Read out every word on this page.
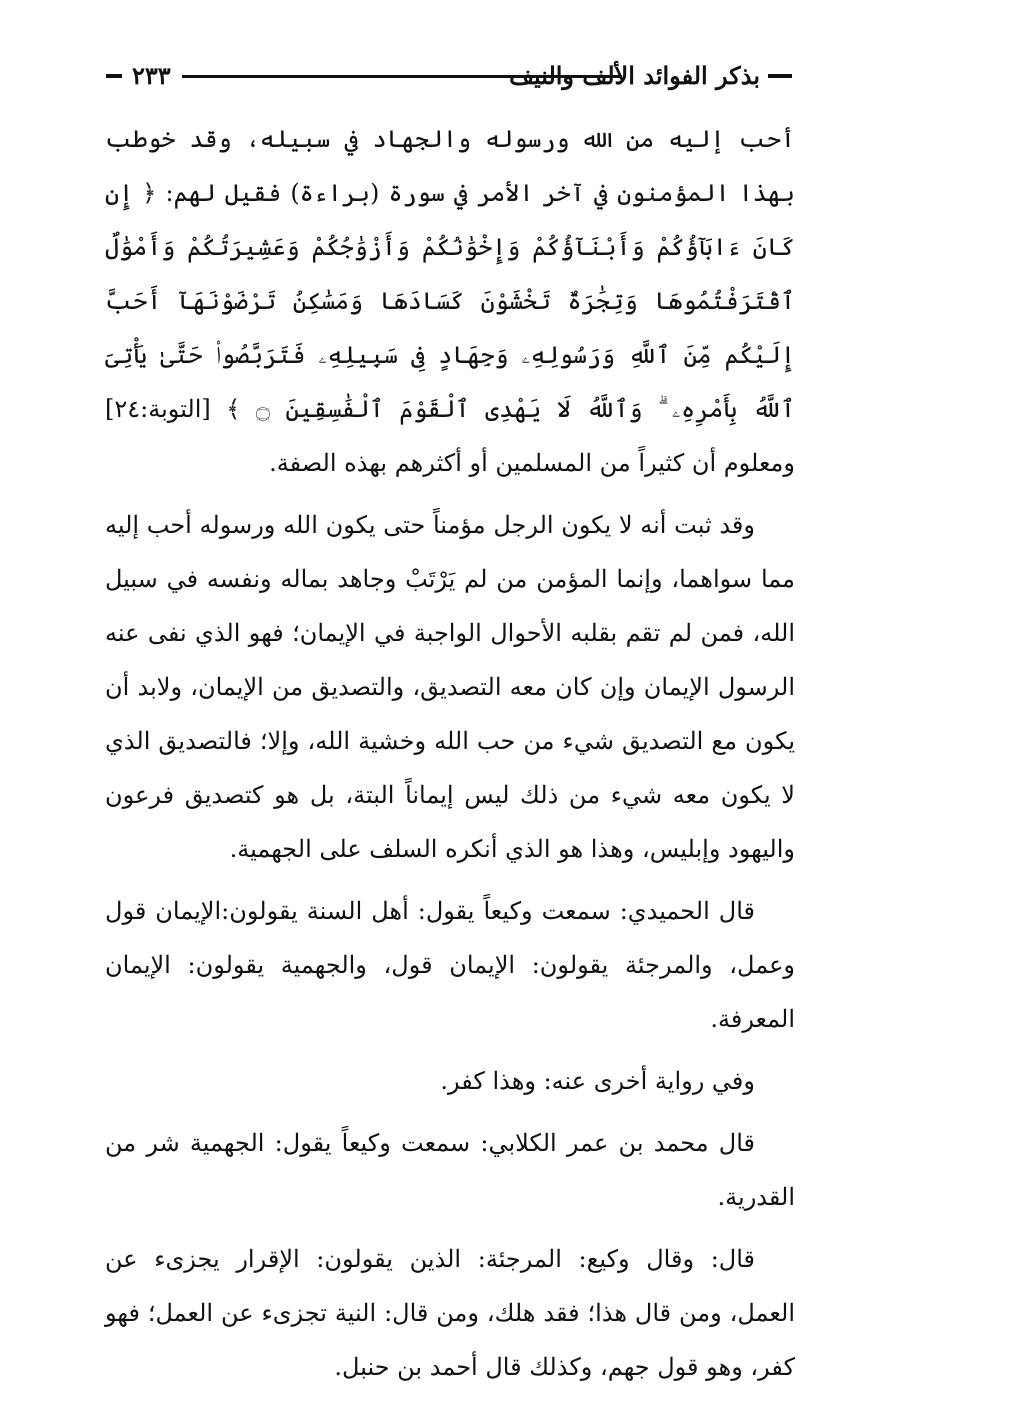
٢٣٣	بذكر الفوائد الألف والنيف

أحب إليه من الله ورسوله والجهاد في سبيله، وقد خوطب بهذا المؤمنون في آخر الأمر في سورة (براءة) فقيل لهم: ﴿ إِن كَانَ ءَابَآؤُكُمْ وَأَبْنَآؤُكُمْ وَإِخْوَٰنُكُمْ وَأَزْوَٰجُكُمْ وَعَشِيرَتُكُمْ وَأَمْوَٰلٌ ٱقْتَرَفْتُمُوهَا وَتِجَٰرَةٌ تَخْشَوْنَ كَسَادَهَا وَمَسَٰكِنُ تَرْضَوْنَهَآ أَحَبَّ إِلَيْكُم مِّنَ ٱللَّهِ وَرَسُولِهِۦ وَجِهَادٍ فِى سَبِيلِهِۦ فَتَرَبَّصُوا۟ حَتَّىٰ يَأْتِىَ ٱللَّهُ بِأَمْرِهِۦ ۗ وَٱللَّهُ لَا يَهْدِى ٱلْقَوْمَ ٱلْفَٰسِقِينَ ۝ ﴾ [التوبة:٢٤] ومعلوم أن كثيراً من المسلمين أو أكثرهم بهذه الصفة.

وقد ثبت أنه لا يكون الرجل مؤمناً حتى يكون الله ورسوله أحب إليه مما سواهما، وإنما المؤمن من لم يَرْتَبْ وجاهد بماله ونفسه في سبيل الله، فمن لم تقم بقلبه الأحوال الواجبة في الإيمان؛ فهو الذي نفى عنه الرسول الإيمان وإن كان معه التصديق، والتصديق من الإيمان، ولابد أن يكون مع التصديق شيء من حب الله وخشية الله، وإلا؛ فالتصديق الذي لا يكون معه شيء من ذلك ليس إيماناً البتة، بل هو كتصديق فرعون واليهود وإبليس، وهذا هو الذي أنكره السلف على الجهمية.

قال الحميدي: سمعت وكيعاً يقول: أهل السنة يقولون:الإيمان قول وعمل، والمرجئة يقولون: الإيمان قول، والجهمية يقولون: الإيمان المعرفة.

وفي رواية أخرى عنه: وهذا كفر.

قال محمد بن عمر الكلابي: سمعت وكيعاً يقول: الجهمية شر من القدرية.

قال: وقال وكيع: المرجئة: الذين يقولون: الإقرار يجزىء عن العمل، ومن قال هذا؛ فقد هلك، ومن قال: النية تجزىء عن العمل؛ فهو كفر، وهو قول جهم، وكذلك قال أحمد بن حنبل.
